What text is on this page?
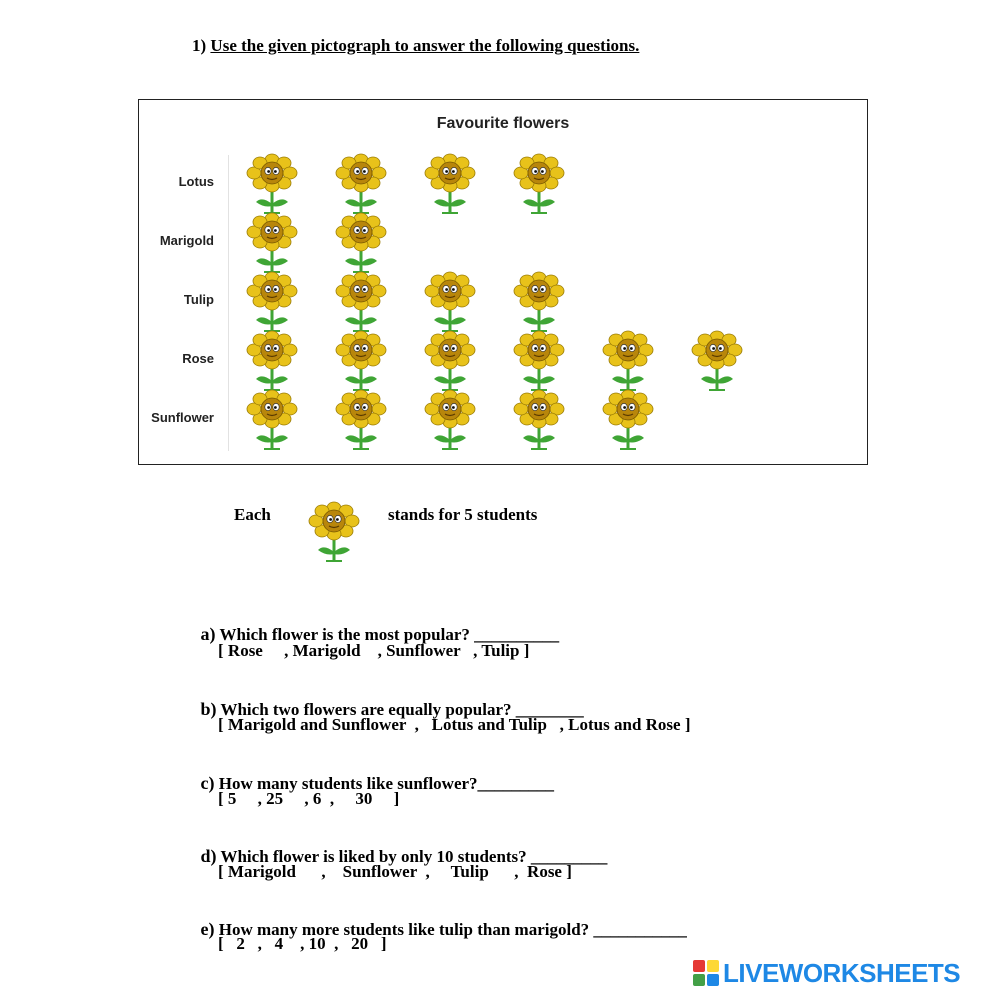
1) Use the given pictograph to answer the following questions.
Favourite flowers
Lotus
Marigold
Tulip
Rose
Sunflower
Each	stands for 5 students

a) Which flower is the most popular? __________

[ Rose     , Marigold    , Sunflower   , Tulip ]

b) Which two flowers are equally popular? ________

[ Marigold and Sunflower  ,   Lotus and Tulip   , Lotus and Rose ]

c) How many students like sunflower?_________

[ 5     , 25     , 6  ,     30     ]

d) Which flower is liked by only 10 students? _________

[ Marigold      ,    Sunflower  ,     Tulip      ,  Rose ]

e) How many more students like tulip than marigold? ___________

[   2   ,   4    , 10  ,   20   ]
LIVEWORKSHEETS
